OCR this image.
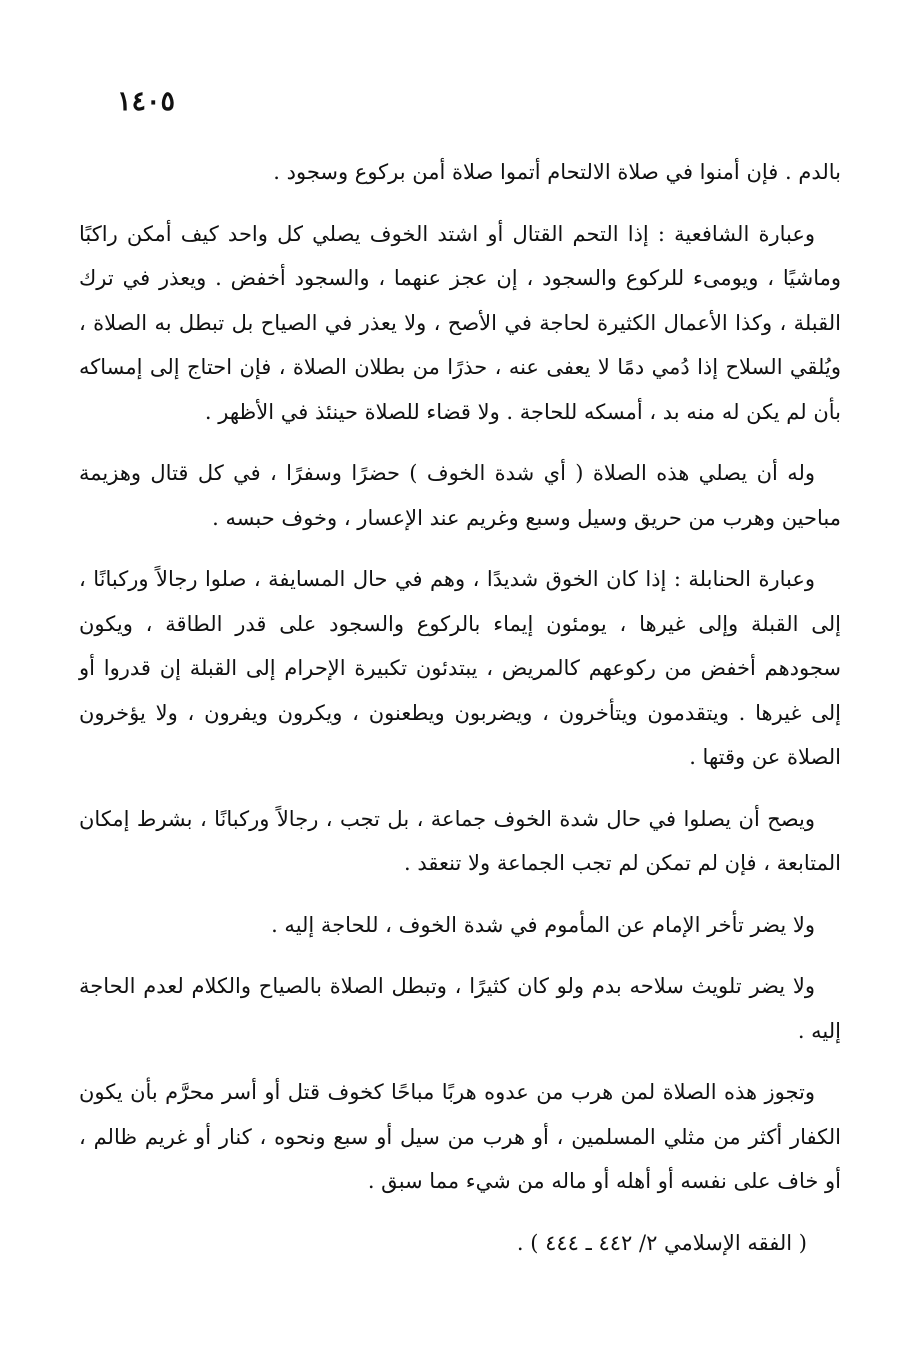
١٤٠٥

بالدم . فإن أمنوا في صلاة الالتحام أتموا صلاة أمن بركوع وسجود .

وعبارة الشافعية : إذا التحم القتال أو اشتد الخوف يصلي كل واحد كيف أمكن راكبًا وماشيًا ، ويومىء للركوع والسجود ، إن عجز عنهما ، والسجود أخفض . ويعذر في ترك القبلة ، وكذا الأعمال الكثيرة لحاجة في الأصح ، ولا يعذر في الصياح بل تبطل به الصلاة ، ويُلقي السلاح إذا دُمي دمًا لا يعفى عنه ، حذرًا من بطلان الصلاة ، فإن احتاج إلى إمساكه بأن لم يكن له منه بد ، أمسكه للحاجة . ولا قضاء للصلاة حينئذ في الأظهر .

وله أن يصلي هذه الصلاة ( أي شدة الخوف ) حضرًا وسفرًا ، في كل قتال وهزيمة مباحين وهرب من حريق وسيل وسبع وغريم عند الإعسار ، وخوف حبسه .

وعبارة الحنابلة : إذا كان الخوق شديدًا ، وهم في حال المسايفة ، صلوا رجالاً وركبانًا ، إلى القبلة وإلى غيرها ، يومئون إيماء بالركوع والسجود على قدر الطاقة ، ويكون سجودهم أخفض من ركوعهم كالمريض ، يبتدئون تكبيرة الإحرام إلى القبلة إن قدروا أو إلى غيرها . ويتقدمون ويتأخرون ، ويضربون ويطعنون ، ويكرون ويفرون ، ولا يؤخرون الصلاة عن وقتها .

ويصح أن يصلوا في حال شدة الخوف جماعة ، بل تجب ، رجالاً وركبانًا ، بشرط إمكان المتابعة ، فإن لم تمكن لم تجب الجماعة ولا تنعقد .

ولا يضر تأخر الإمام عن المأموم في شدة الخوف ، للحاجة إليه .

ولا يضر تلويث سلاحه بدم ولو كان كثيرًا ، وتبطل الصلاة بالصياح والكلام لعدم الحاجة إليه .

وتجوز هذه الصلاة لمن هرب من عدوه هربًا مباحًا كخوف قتل أو أسر محرَّم بأن يكون الكفار أكثر من مثلي المسلمين ، أو هرب من سيل أو سبع ونحوه ، كنار أو غريم ظالم ، أو خاف على نفسه أو أهله أو ماله من شيء مما سبق .

( الفقه الإسلامي ٢/ ٤٤٢ ـ ٤٤٤ ) .
